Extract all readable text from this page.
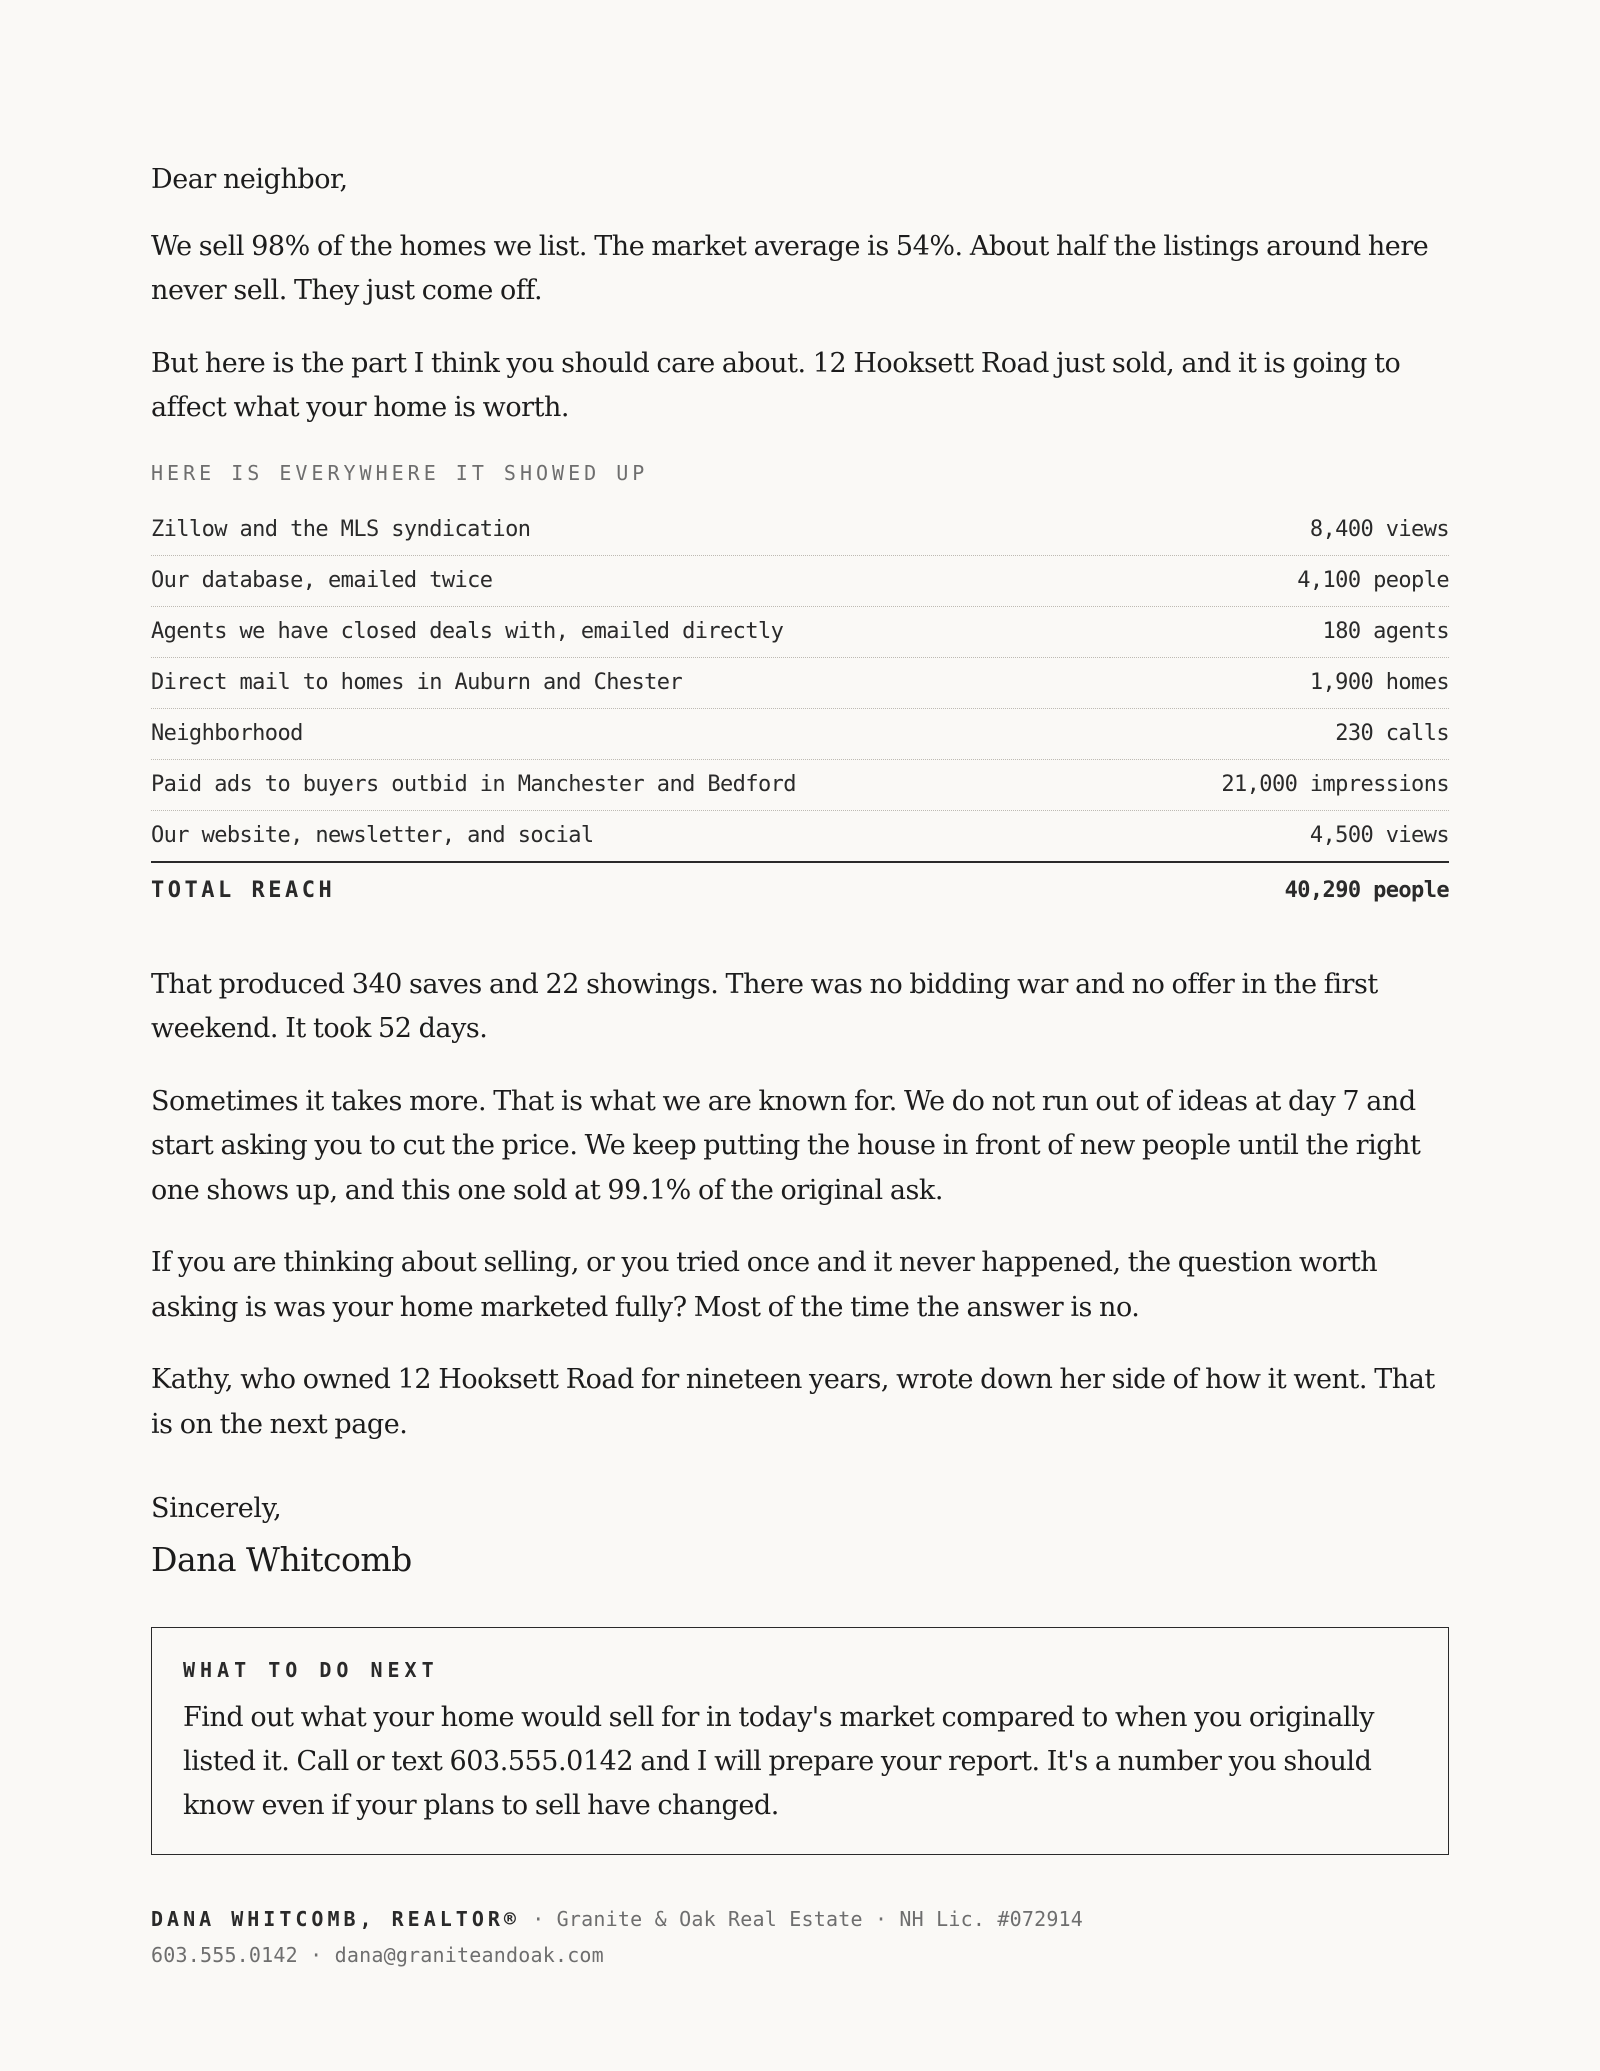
Dear neighbor,

We sell 98% of the homes we list. The market average is 54%. About half the listings around here never sell. They just come off.

But here is the part I think you should care about. 12 Hooksett Road just sold, and it is going to affect what your home is worth.

HERE IS EVERYWHERE IT SHOWED UP
Zillow and the MLS syndication	8,400 views
Our database, emailed twice	4,100 people
Agents we have closed deals with, emailed directly	180 agents
Direct mail to homes in Auburn and Chester	1,900 homes
Neighborhood	230 calls
Paid ads to buyers outbid in Manchester and Bedford	21,000 impressions
Our website, newsletter, and social	4,500 views
TOTAL REACH	40,290 people

That produced 340 saves and 22 showings. There was no bidding war and no offer in the first weekend. It took 52 days.

Sometimes it takes more. That is what we are known for. We do not run out of ideas at day 7 and start asking you to cut the price. We keep putting the house in front of new people until the right one shows up, and this one sold at 99.1% of the original ask.

If you are thinking about selling, or you tried once and it never happened, the question worth asking is was your home marketed fully? Most of the time the answer is no.

Kathy, who owned 12 Hooksett Road for nineteen years, wrote down her side of how it went. That is on the next page.

Sincerely,
Dana Whitcomb
WHAT TO DO NEXT
Find out what your home would sell for in today's market compared to when you originally listed it. Call or text 603.555.0142 and I will prepare your report. It's a number you should know even if your plans to sell have changed.
DANA WHITCOMB, REALTOR® · Granite & Oak Real Estate · NH Lic. #072914
603.555.0142 · dana@graniteandoak.com
